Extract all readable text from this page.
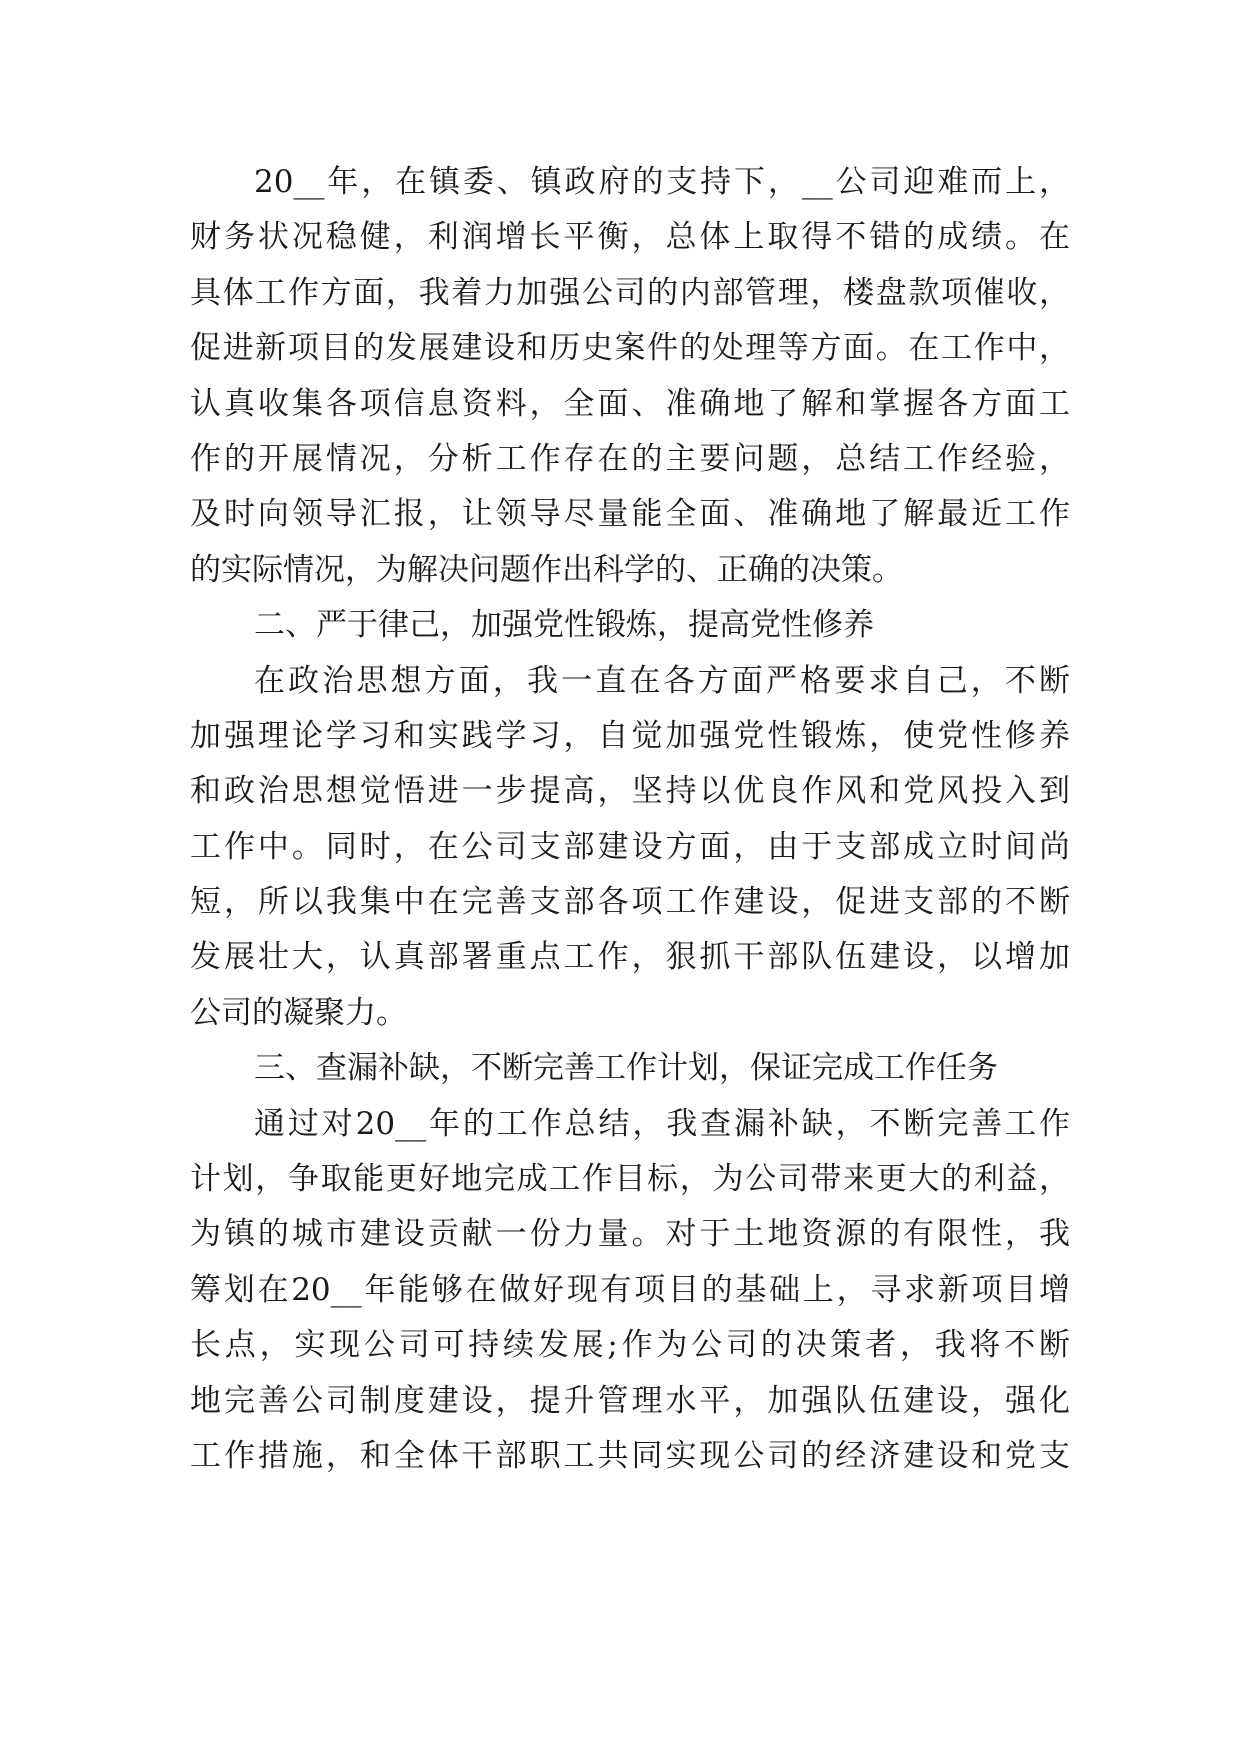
20__年，在镇委、镇政府的支持下，__公司迎难而上，
财务状况稳健，利润增长平衡，总体上取得不错的成绩。在
具体工作方面，我着力加强公司的内部管理，楼盘款项催收，
促进新项目的发展建设和历史案件的处理等方面。在工作中，
认真收集各项信息资料，全面、准确地了解和掌握各方面工
作的开展情况，分析工作存在的主要问题，总结工作经验，
及时向领导汇报，让领导尽量能全面、准确地了解最近工作
的实际情况，为解决问题作出科学的、正确的决策。
二、严于律己，加强党性锻炼，提高党性修养
在政治思想方面，我一直在各方面严格要求自己，不断
加强理论学习和实践学习，自觉加强党性锻炼，使党性修养
和政治思想觉悟进一步提高，坚持以优良作风和党风投入到
工作中。同时，在公司支部建设方面，由于支部成立时间尚
短，所以我集中在完善支部各项工作建设，促进支部的不断
发展壮大，认真部署重点工作，狠抓干部队伍建设，以增加
公司的凝聚力。
三、查漏补缺，不断完善工作计划，保证完成工作任务
通过对20__年的工作总结，我查漏补缺，不断完善工作
计划，争取能更好地完成工作目标，为公司带来更大的利益，
为镇的城市建设贡献一份力量。对于土地资源的有限性，我
筹划在20__年能够在做好现有项目的基础上，寻求新项目增
长点，实现公司可持续发展;作为公司的决策者，我将不断
地完善公司制度建设，提升管理水平，加强队伍建设，强化
工作措施，和全体干部职工共同实现公司的经济建设和党支
